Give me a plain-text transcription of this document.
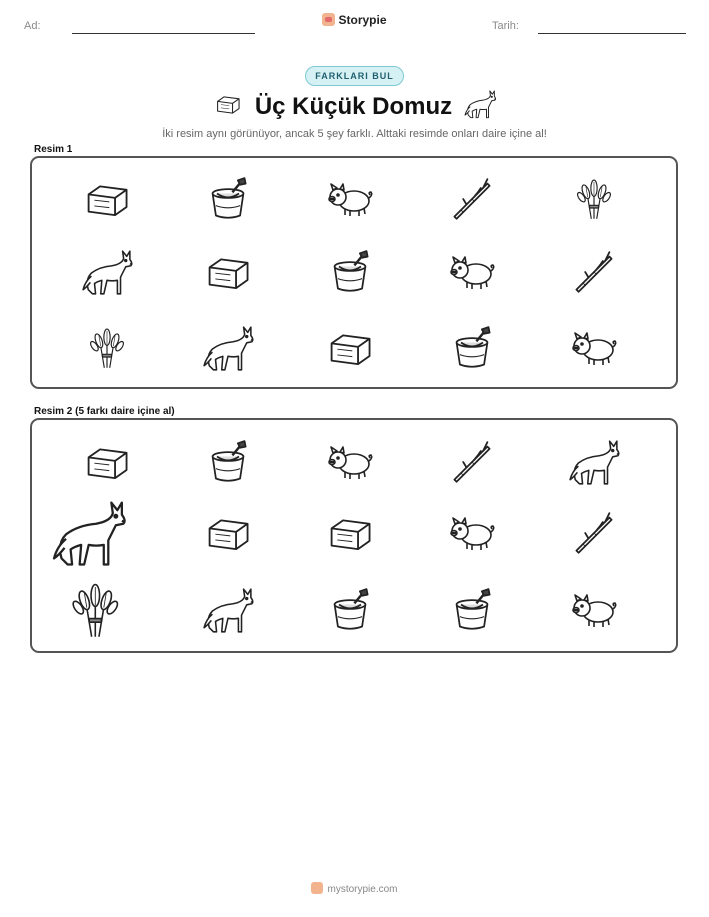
Ad:	Storypie	Tarih:
FARKLARI BUL
Üç Küçük Domuz
İki resim aynı görünüyor, ancak 5 şey farklı. Alttaki resimde onları daire içine al!
Resim 1
Resim 2 (5 farkı daire içine al)
mystorypie.com
